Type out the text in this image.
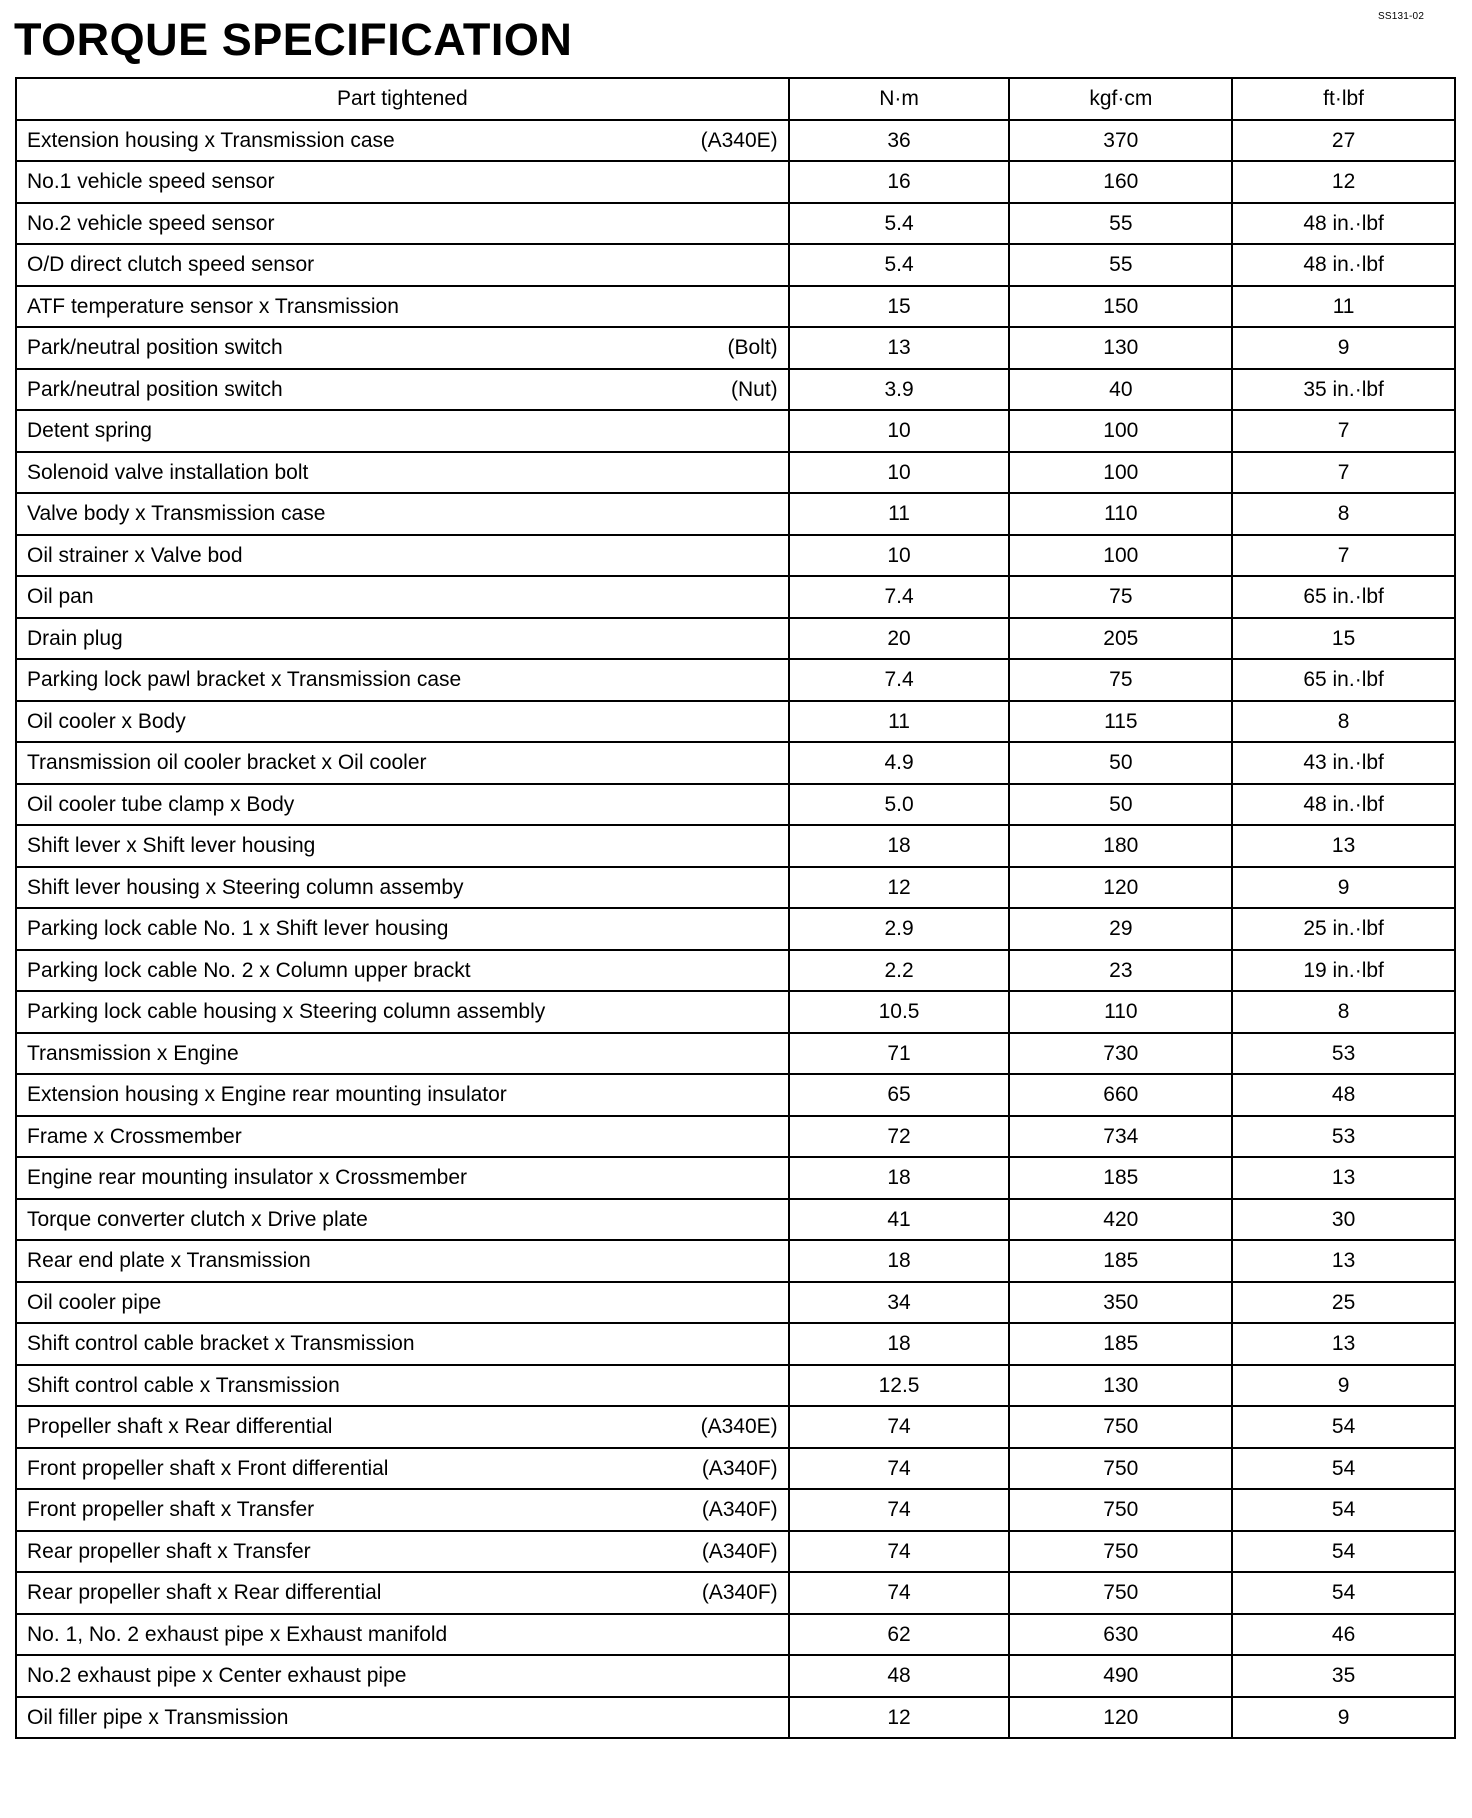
SS131-02
TORQUE SPECIFICATION
Part tightened	N·m	kgf·cm	ft·lbf

Extension housing x Transmission case (A340E)	36	370	27

No.1 vehicle speed sensor	16	160	12

No.2 vehicle speed sensor	5.4	55	48 in.·lbf

O/D direct clutch speed sensor	5.4	55	48 in.·lbf

ATF temperature sensor x Transmission	15	150	11

Park/neutral position switch (Bolt)	13	130	9

Park/neutral position switch (Nut)	3.9	40	35 in.·lbf

Detent spring	10	100	7

Solenoid valve installation bolt	10	100	7

Valve body x Transmission case	11	110	8

Oil strainer x Valve bod	10	100	7

Oil pan	7.4	75	65 in.·lbf

Drain plug	20	205	15

Parking lock pawl bracket x Transmission case	7.4	75	65 in.·lbf

Oil cooler x Body	11	115	8

Transmission oil cooler bracket x Oil cooler	4.9	50	43 in.·lbf

Oil cooler tube clamp x Body	5.0	50	48 in.·lbf

Shift lever x Shift lever housing	18	180	13

Shift lever housing x Steering column assemby	12	120	9

Parking lock cable No. 1 x Shift lever housing	2.9	29	25 in.·lbf

Parking lock cable No. 2 x Column upper brackt	2.2	23	19 in.·lbf

Parking lock cable housing x Steering column assembly	10.5	110	8

Transmission x Engine	71	730	53

Extension housing x Engine rear mounting insulator	65	660	48

Frame x Crossmember	72	734	53

Engine rear mounting insulator x Crossmember	18	185	13

Torque converter clutch x Drive plate	41	420	30

Rear end plate x Transmission	18	185	13

Oil cooler pipe	34	350	25

Shift control cable bracket x Transmission	18	185	13

Shift control cable x Transmission	12.5	130	9

Propeller shaft x Rear differential (A340E)	74	750	54

Front propeller shaft x Front differential (A340F)	74	750	54

Front propeller shaft x Transfer (A340F)	74	750	54

Rear propeller shaft x Transfer (A340F)	74	750	54

Rear propeller shaft x Rear differential (A340F)	74	750	54

No. 1, No. 2 exhaust pipe x Exhaust manifold	62	630	46

No.2 exhaust pipe x Center exhaust pipe	48	490	35

Oil filler pipe x Transmission	12	120	9
